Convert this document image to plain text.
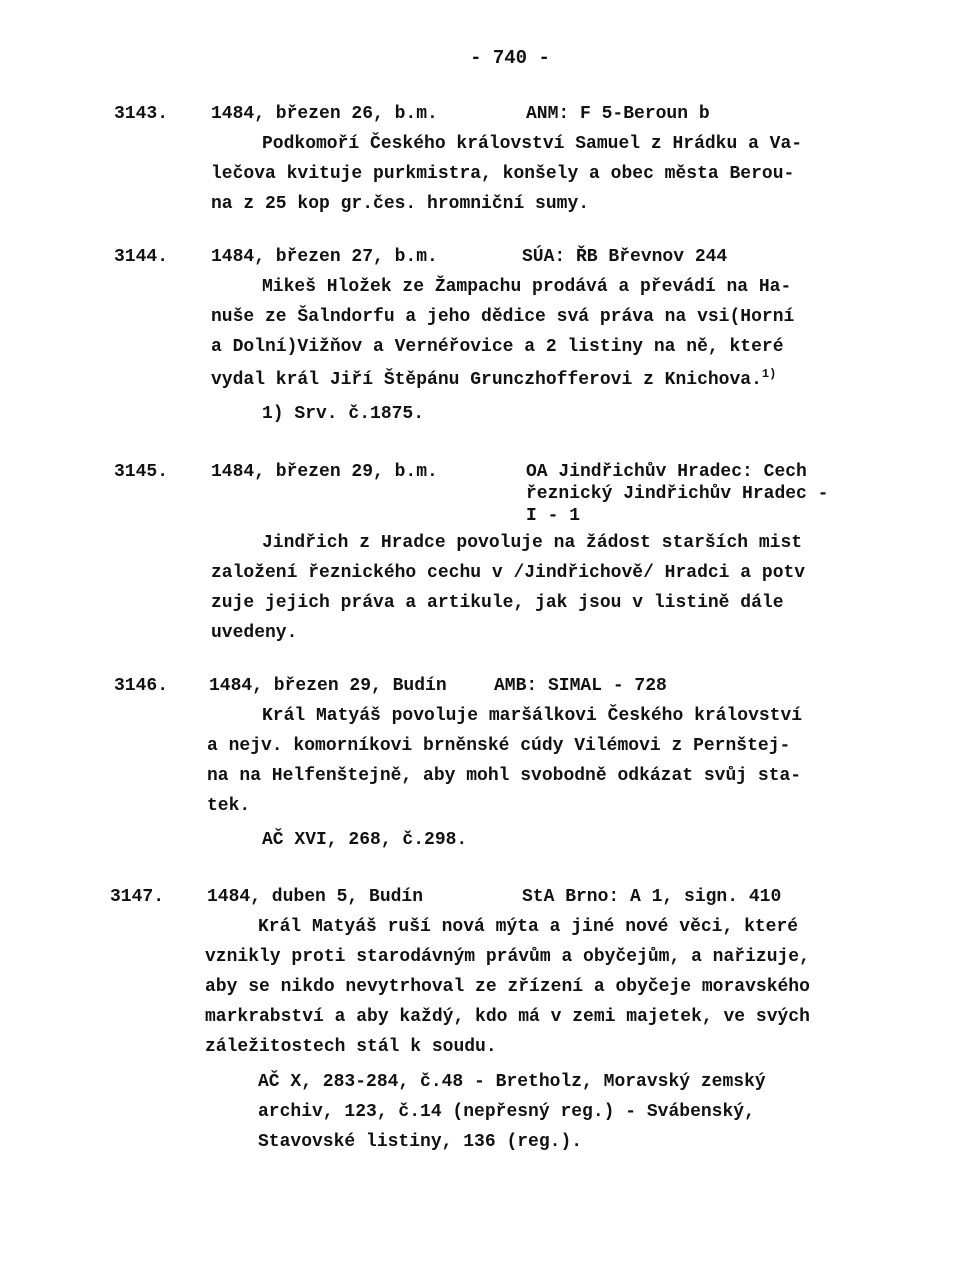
- 740 -
3143. 1484, březen 26, b.m.	ANM: F 5-Beroun b
Podkomoří Českého království Samuel z Hrádku a Va-
lečova kvituje purkmistra, konšely a obec města Berou-
na z 25 kop gr.čes. hromniční sumy.
3144. 1484, březen 27, b.m.	SÚA: ŘB Břevnov 244
Mikeš Hložek ze Žampachu prodává a převádí na Ha-
nuše ze Šalndorfu a jeho dědice svá práva na vsi(Horní
a Dolní)Vižňov a Vernéřovice a 2 listiny na ně, které
vydal král Jiří Štěpánu Grunczhofferovi z Knichova.$^{1)}$
1) Srv. č.1875.
3145. 1484, březen 29, b.m.	OA Jindřichův Hradec: Cech
řeznický Jindřichův Hradec -
I - 1
Jindřich z Hradce povoluje na žádost starších mist
založení řeznického cechu v /Jindřichově/ Hradci a potv
zuje jejich práva a artikule, jak jsou v listině dále
uvedeny.
3146. 1484, březen 29, Budín	AMB: SIMAL - 728
Král Matyáš povoluje maršálkovi Českého království
a nejv. komorníkovi brněnské cúdy Vilémovi z Pernštej-
na na Helfenštejně, aby mohl svobodně odkázat svůj sta-
tek.
AČ XVI, 268, č.298.
3147. 1484, duben 5, Budín	StA Brno: A 1, sign. 410
Král Matyáš ruší nová mýta a jiné nové věci, které
vznikly proti starodávným právům a obyčejům, a nařizuje,
aby se nikdo nevytrhoval ze zřízení a obyčeje moravského
markrabství a aby každý, kdo má v zemi majetek, ve svých
záležitostech stál k soudu.
AČ X, 283-284, č.48 - Bretholz, Moravský zemský
archiv, 123, č.14 (nepřesný reg.) - Svábenský,
Stavovské listiny, 136 (reg.).
